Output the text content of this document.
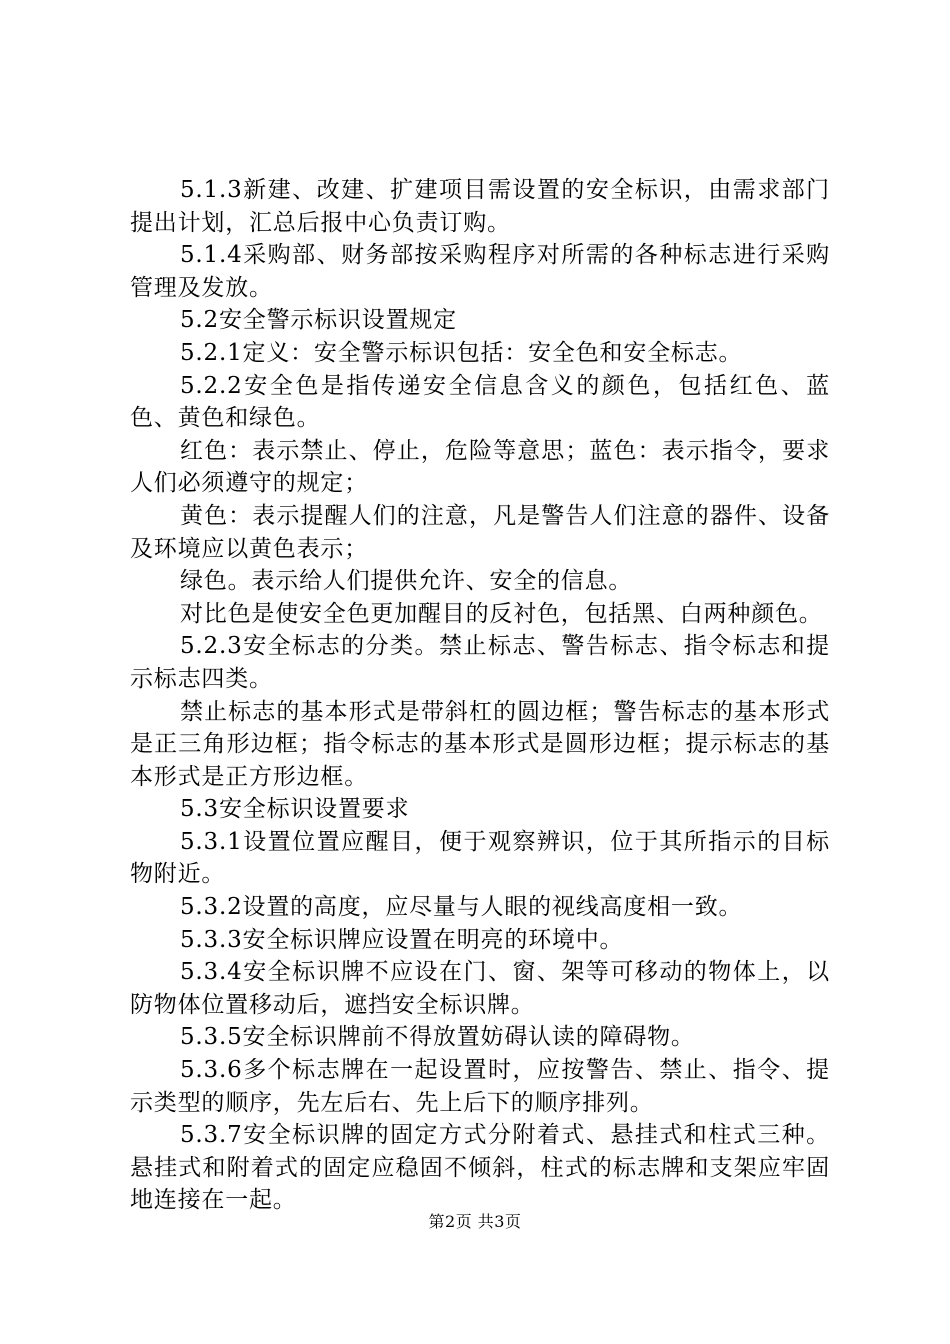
5.1.3新建、改建、扩建项目需设置的安全标识，由需求部门提出计划，汇总后报中心负责订购。

5.1.4采购部、财务部按采购程序对所需的各种标志进行采购管理及发放。

5.2安全警示标识设置规定

5.2.1定义：安全警示标识包括：安全色和安全标志。

5.2.2安全色是指传递安全信息含义的颜色，包括红色、蓝色、黄色和绿色。

红色：表示禁止、停止，危险等意思；蓝色：表示指令，要求人们必须遵守的规定；

黄色：表示提醒人们的注意，凡是警告人们注意的器件、设备及环境应以黄色表示；

绿色。表示给人们提供允许、安全的信息。

对比色是使安全色更加醒目的反衬色，包括黑、白两种颜色。

5.2.3安全标志的分类。禁止标志、警告标志、指令标志和提示标志四类。

禁止标志的基本形式是带斜杠的圆边框；警告标志的基本形式是正三角形边框；指令标志的基本形式是圆形边框；提示标志的基本形式是正方形边框。

5.3安全标识设置要求

5.3.1设置位置应醒目，便于观察辨识，位于其所指示的目标物附近。

5.3.2设置的高度，应尽量与人眼的视线高度相一致。

5.3.3安全标识牌应设置在明亮的环境中。

5.3.4安全标识牌不应设在门、窗、架等可移动的物体上，以防物体位置移动后，遮挡安全标识牌。

5.3.5安全标识牌前不得放置妨碍认读的障碍物。

5.3.6多个标志牌在一起设置时，应按警告、禁止、指令、提示类型的顺序，先左后右、先上后下的顺序排列。

5.3.7安全标识牌的固定方式分附着式、悬挂式和柱式三种。悬挂式和附着式的固定应稳固不倾斜，柱式的标志牌和支架应牢固地连接在一起。

第2页 共3页
